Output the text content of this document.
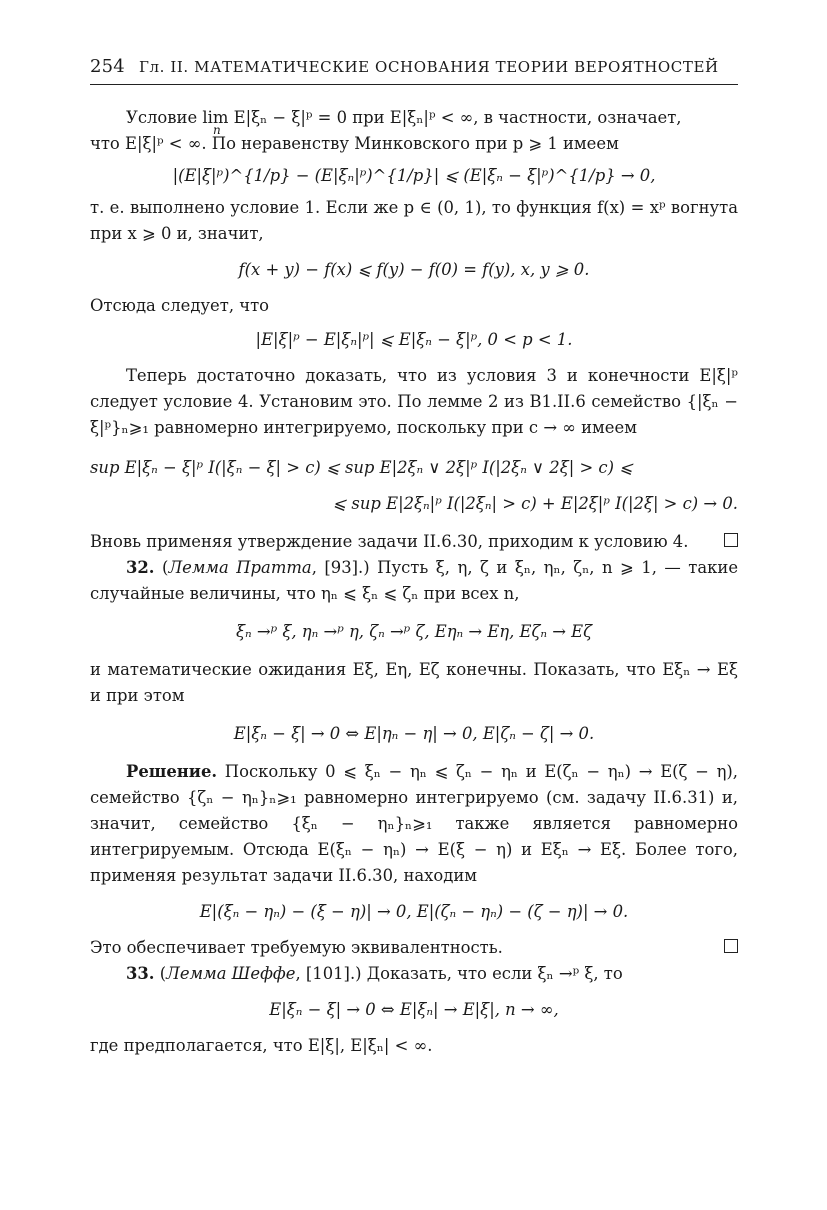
254 Гл. II. МАТЕМАТИЧЕСКИЕ ОСНОВАНИЯ ТЕОРИИ ВЕРОЯТНОСТЕЙ

Условие lim E|ξₙ − ξ|ᵖ = 0 при E|ξₙ|ᵖ < ∞, в частности, означает,

n

что E|ξ|ᵖ < ∞. По неравенству Минковского при p ⩾ 1 имеем

|(E|ξ|ᵖ)^{1/p} − (E|ξₙ|ᵖ)^{1/p}| ⩽ (E|ξₙ − ξ|ᵖ)^{1/p} → 0,

т. е. выполнено условие 1. Если же p ∈ (0, 1), то функция f(x) = xᵖ вогнута при x ⩾ 0 и, значит,

f(x + y) − f(x) ⩽ f(y) − f(0) = f(y), x, y ⩾ 0.

Отсюда следует, что

|E|ξ|ᵖ − E|ξₙ|ᵖ| ⩽ E|ξₙ − ξ|ᵖ, 0 < p < 1.

Теперь достаточно доказать, что из условия 3 и конечности E|ξ|ᵖ следует условие 4. Установим это. По лемме 2 из В1.II.6 семейство {|ξₙ − ξ|ᵖ}ₙ⩾₁ равномерно интегрируемо, поскольку при c → ∞ имеем

sup E|ξₙ − ξ|ᵖ I(|ξₙ − ξ| > c) ⩽ sup E|2ξₙ ∨ 2ξ|ᵖ I(|2ξₙ ∨ 2ξ| > c) ⩽
⩽ sup E|2ξₙ|ᵖ I(|2ξₙ| > c) + E|2ξ|ᵖ I(|2ξ| > c) → 0.

Вновь применяя утверждение задачи II.6.30, приходим к условию 4.

32. (Лемма Пратта, [93].) Пусть ξ, η, ζ и ξₙ, ηₙ, ζₙ, n ⩾ 1, — такие случайные величины, что ηₙ ⩽ ξₙ ⩽ ζₙ при всех n,

ξₙ →ᵖ ξ, ηₙ →ᵖ η, ζₙ →ᵖ ζ, Eηₙ → Eη, Eζₙ → Eζ

и математические ожидания Eξ, Eη, Eζ конечны. Показать, что Eξₙ → Eξ и при этом

E|ξₙ − ξ| → 0 ⇔ E|ηₙ − η| → 0, E|ζₙ − ζ| → 0.

Решение. Поскольку 0 ⩽ ξₙ − ηₙ ⩽ ζₙ − ηₙ и E(ζₙ − ηₙ) → E(ζ − η), семейство {ζₙ − ηₙ}ₙ⩾₁ равномерно интегрируемо (см. задачу II.6.31) и, значит, семейство {ξₙ − ηₙ}ₙ⩾₁ также является равномерно интегрируемым. Отсюда E(ξₙ − ηₙ) → E(ξ − η) и Eξₙ → Eξ. Более того, применяя результат задачи II.6.30, находим

E|(ξₙ − ηₙ) − (ξ − η)| → 0, E|(ζₙ − ηₙ) − (ζ − η)| → 0.

Это обеспечивает требуемую эквивалентность.

33. (Лемма Шеффе, [101].) Доказать, что если ξₙ →ᵖ ξ, то

E|ξₙ − ξ| → 0 ⇔ E|ξₙ| → E|ξ|, n → ∞,

где предполагается, что E|ξ|, E|ξₙ| < ∞.
